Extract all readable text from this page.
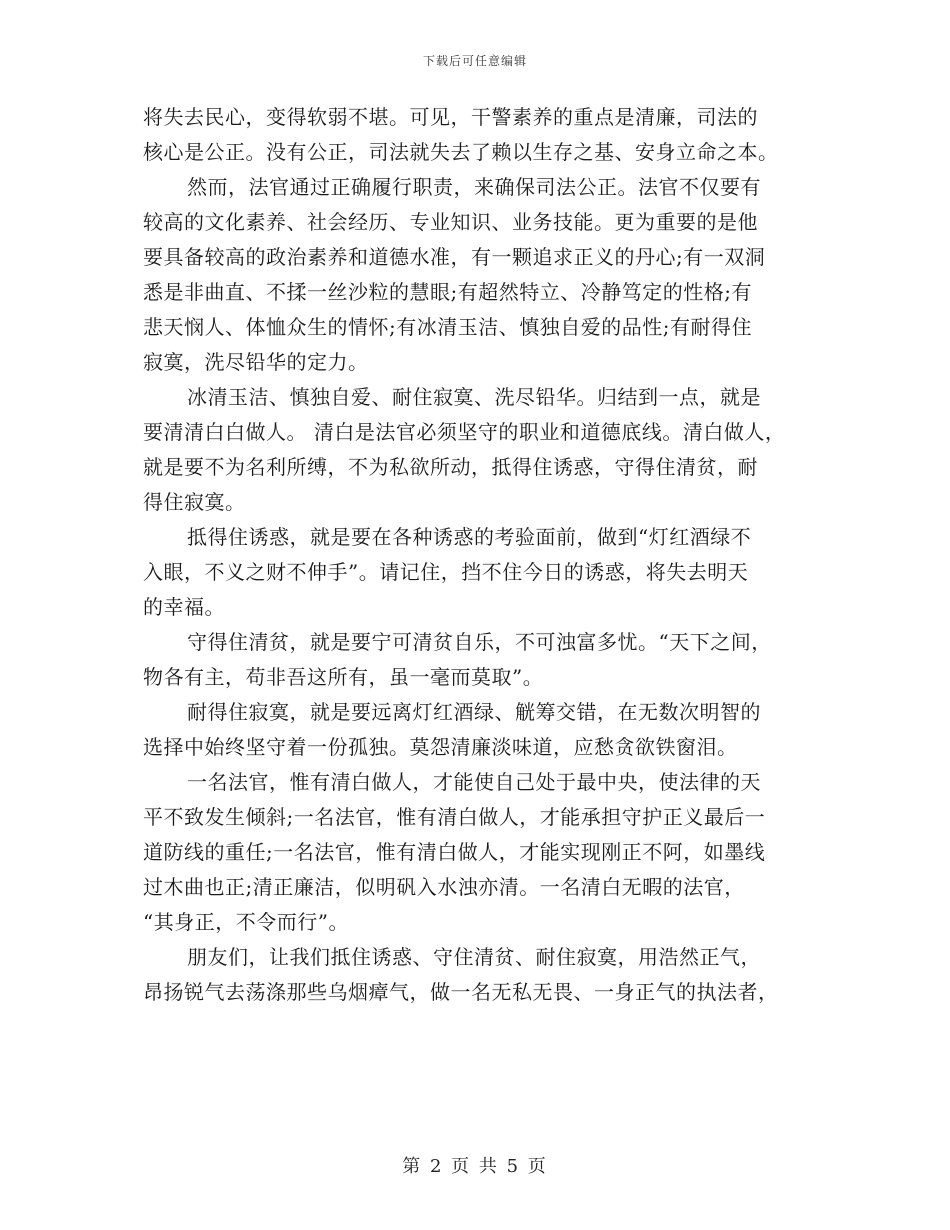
下载后可任意编辑
将失去民心，变得软弱不堪。可见，干警素养的重点是清廉，司法的
核心是公正。没有公正，司法就失去了赖以生存之基、安身立命之本。
然而，法官通过正确履行职责，来确保司法公正。法官不仅要有
较高的文化素养、社会经历、专业知识、业务技能。更为重要的是他
要具备较高的政治素养和道德水准，有一颗追求正义的丹心;有一双洞
悉是非曲直、不揉一丝沙粒的慧眼;有超然特立、冷静笃定的性格;有
悲天悯人、体恤众生的情怀;有冰清玉洁、慎独自爱的品性;有耐得住
寂寞，洗尽铅华的定力。
冰清玉洁、慎独自爱、耐住寂寞、洗尽铅华。归结到一点，就是
要清清白白做人。 清白是法官必须坚守的职业和道德底线。清白做人，
就是要不为名利所缚，不为私欲所动，抵得住诱惑，守得住清贫，耐
得住寂寞。
抵得住诱惑，就是要在各种诱惑的考验面前，做到“灯红酒绿不
入眼，不义之财不伸手”。请记住，挡不住今日的诱惑，将失去明天
的幸福。
守得住清贫，就是要宁可清贫自乐，不可浊富多忧。“天下之间，
物各有主，苟非吾这所有，虽一毫而莫取”。
耐得住寂寞，就是要远离灯红酒绿、觥筹交错，在无数次明智的
选择中始终坚守着一份孤独。莫怨清廉淡味道，应愁贪欲铁窗泪。
一名法官，惟有清白做人，才能使自己处于最中央，使法律的天
平不致发生倾斜;一名法官，惟有清白做人，才能承担守护正义最后一
道防线的重任;一名法官，惟有清白做人，才能实现刚正不阿，如墨线
过木曲也正;清正廉洁，似明矾入水浊亦清。一名清白无暇的法官，
“其身正，不令而行”。
朋友们，让我们抵住诱惑、守住清贫、耐住寂寞，用浩然正气，
昂扬锐气去荡涤那些乌烟瘴气，做一名无私无畏、一身正气的执法者，
第 2 页 共 5 页
